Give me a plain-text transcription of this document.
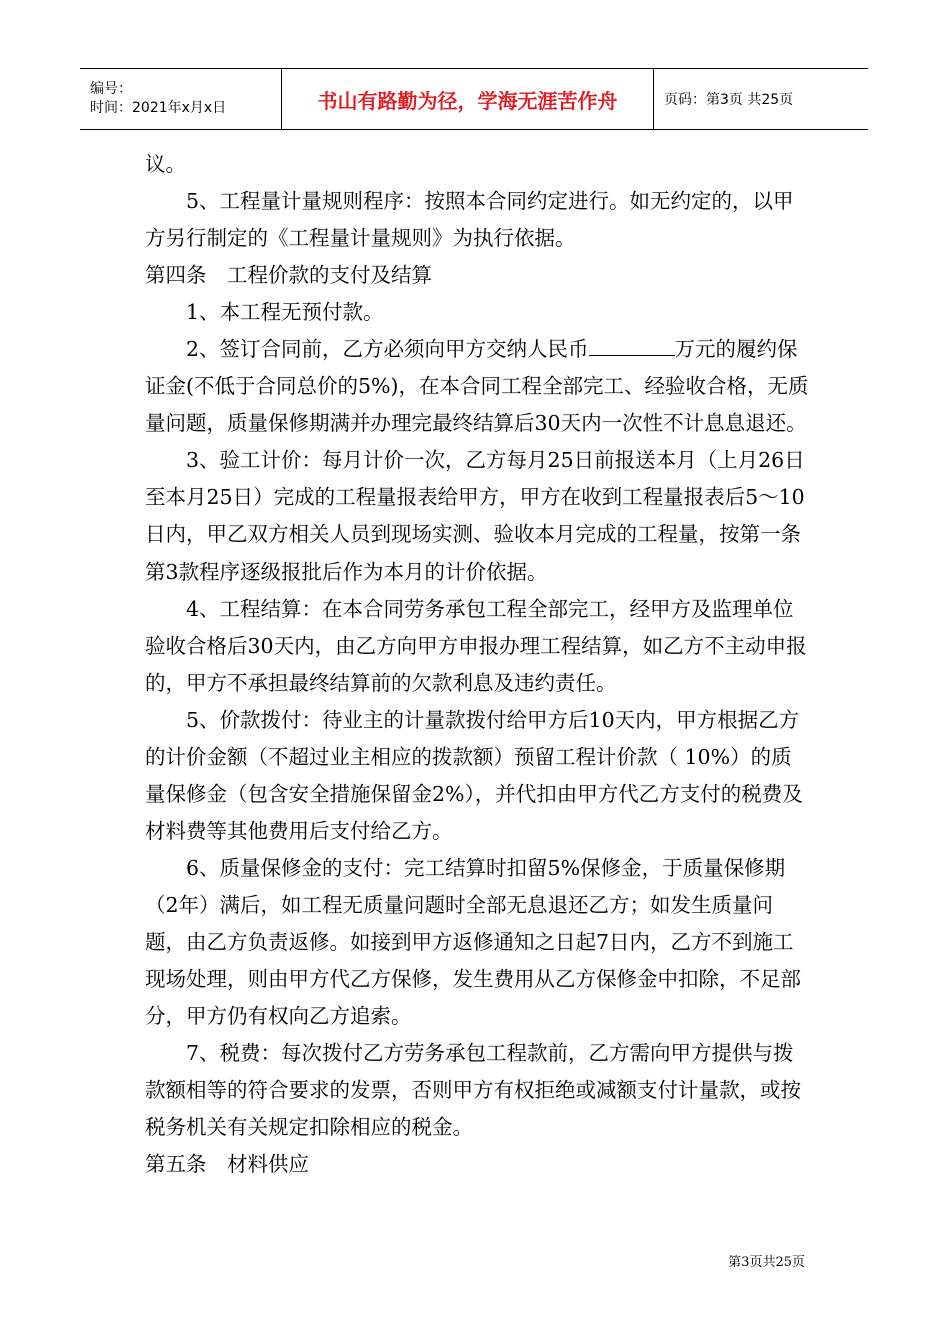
编号：
时间：2021年x月x日	书山有路勤为径，学海无涯苦作舟	页码：第3页 共25页

议。

5、工程量计量规则程序：按照本合同约定进行。如无约定的，以甲方另行制定的《工程量计量规则》为执行依据。

第四条　工程价款的支付及结算

1、本工程无预付款。

2、签订合同前，乙方必须向甲方交纳人民币	万元的履约保证金(不低于合同总价的5%)，在本合同工程全部完工、经验收合格，无质量问题，质量保修期满并办理完最终结算后30天内一次性不计息息退还。

3、验工计价：每月计价一次，乙方每月25日前报送本月（上月26日至本月25日）完成的工程量报表给甲方，甲方在收到工程量报表后5～10日内，甲乙双方相关人员到现场实测、验收本月完成的工程量，按第一条第3款程序逐级报批后作为本月的计价依据。

4、工程结算：在本合同劳务承包工程全部完工，经甲方及监理单位验收合格后30天内，由乙方向甲方申报办理工程结算，如乙方不主动申报的，甲方不承担最终结算前的欠款利息及违约责任。

5、价款拨付：待业主的计量款拨付给甲方后10天内，甲方根据乙方的计价金额（不超过业主相应的拨款额）预留工程计价款（ 10%）的质量保修金（包含安全措施保留金2%），并代扣由甲方代乙方支付的税费及材料费等其他费用后支付给乙方。

6、质量保修金的支付：完工结算时扣留5%保修金，于质量保修期（2年）满后，如工程无质量问题时全部无息退还乙方；如发生质量问题，由乙方负责返修。如接到甲方返修通知之日起7日内，乙方不到施工现场处理，则由甲方代乙方保修，发生费用从乙方保修金中扣除，不足部分，甲方仍有权向乙方追索。

7、税费：每次拨付乙方劳务承包工程款前，乙方需向甲方提供与拨款额相等的符合要求的发票，否则甲方有权拒绝或减额支付计量款，或按税务机关有关规定扣除相应的税金。

第五条　材料供应

第3页共25页
